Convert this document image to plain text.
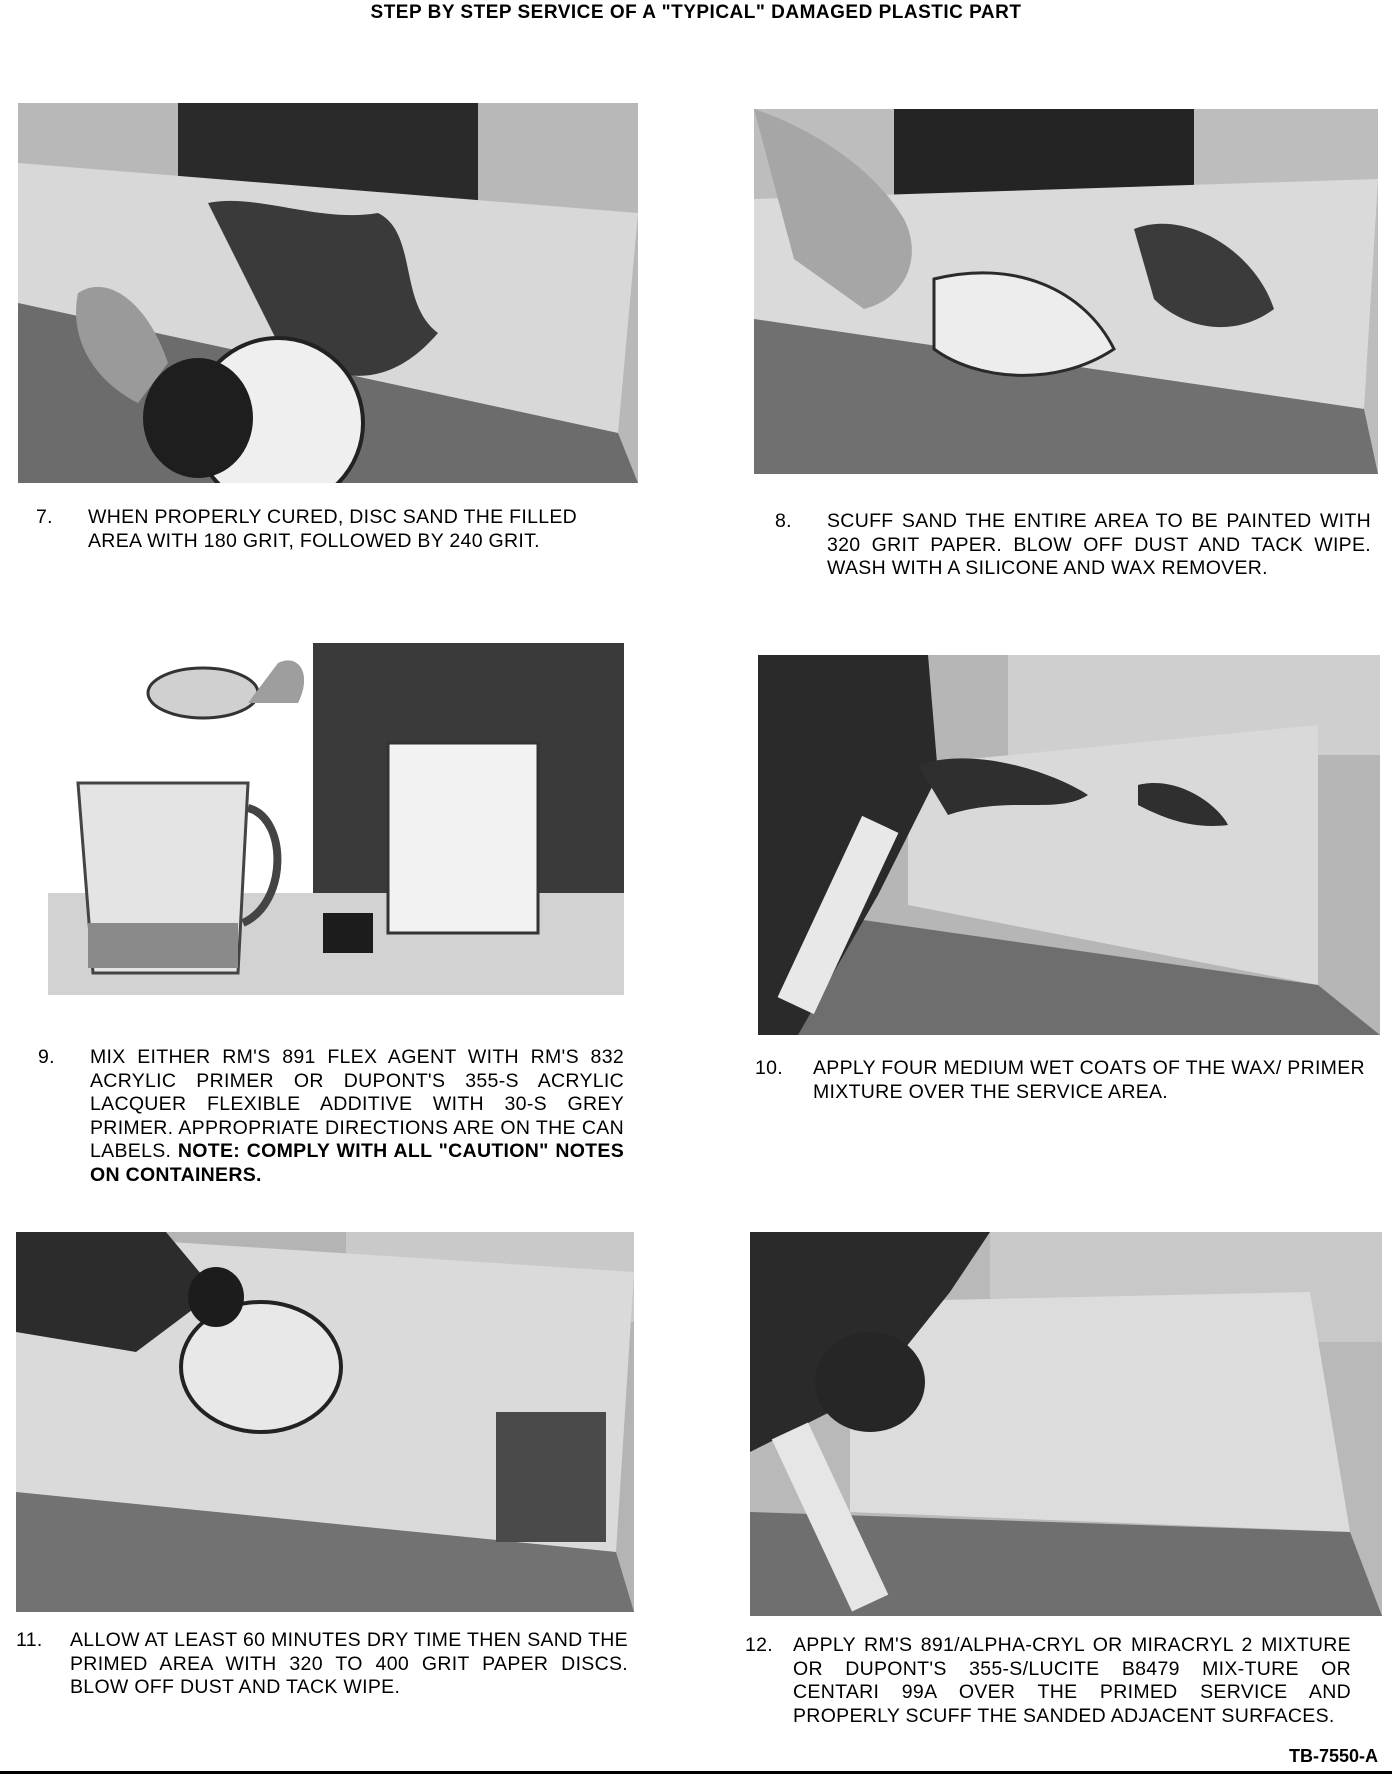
STEP BY STEP SERVICE OF A "TYPICAL" DAMAGED PLASTIC PART
7. WHEN PROPERLY CURED, DISC SAND THE FILLED AREA WITH 180 GRIT, FOLLOWED BY 240 GRIT.
8. SCUFF SAND THE ENTIRE AREA TO BE PAINTED WITH 320 GRIT PAPER. BLOW OFF DUST AND TACK WIPE. WASH WITH A SILICONE AND WAX REMOVER.
9. MIX EITHER RM'S 891 FLEX AGENT WITH RM'S 832 ACRYLIC PRIMER OR DUPONT'S 355-S ACRYLIC LACQUER FLEXIBLE ADDITIVE WITH 30-S GREY PRIMER. APPROPRIATE DIRECTIONS ARE ON THE CAN LABELS. NOTE: COMPLY WITH ALL "CAUTION" NOTES ON CONTAINERS.
10. APPLY FOUR MEDIUM WET COATS OF THE WAX/ PRIMER MIXTURE OVER THE SERVICE AREA.
11. ALLOW AT LEAST 60 MINUTES DRY TIME THEN SAND THE PRIMED AREA WITH 320 TO 400 GRIT PAPER DISCS. BLOW OFF DUST AND TACK WIPE.
12. APPLY RM'S 891/ALPHA-CRYL OR MIRACRYL 2 MIXTURE OR DUPONT'S 355-S/LUCITE B8479 MIX-TURE OR CENTARI 99A OVER THE PRIMED SERVICE AND PROPERLY SCUFF THE SANDED ADJACENT SURFACES.
TB-7550-A
